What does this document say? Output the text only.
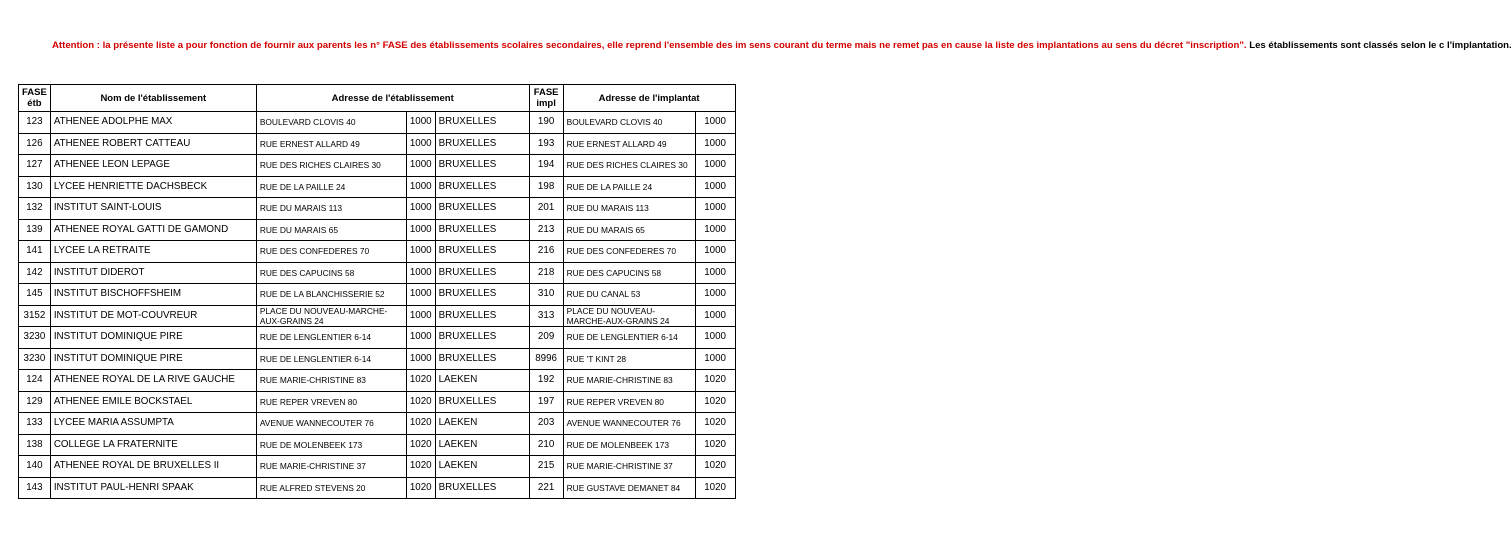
Attention : la présente liste a pour fonction de fournir aux parents les n° FASE des établissements scolaires secondaires, elle reprend l'ensemble des im sens courant du terme mais ne remet pas en cause la liste des implantations au sens du décret "inscription". Les établissements sont classés selon le c l'implantation.
FASE étb	Nom de l'établissement	Adresse de l'établissement			FASE impl	Adresse de l'implantat	
123	ATHENEE ADOLPHE MAX	BOULEVARD CLOVIS 40	1000	BRUXELLES	190	BOULEVARD CLOVIS 40	1000
126	ATHENEE ROBERT CATTEAU	RUE ERNEST ALLARD 49	1000	BRUXELLES	193	RUE ERNEST ALLARD 49	1000
127	ATHENEE LEON LEPAGE	RUE DES RICHES CLAIRES 30	1000	BRUXELLES	194	RUE DES RICHES CLAIRES 30	1000
130	LYCEE HENRIETTE DACHSBECK	RUE DE LA PAILLE 24	1000	BRUXELLES	198	RUE DE LA PAILLE 24	1000
132	INSTITUT SAINT-LOUIS	RUE DU MARAIS 113	1000	BRUXELLES	201	RUE DU MARAIS 113	1000
139	ATHENEE ROYAL GATTI DE GAMOND	RUE DU MARAIS 65	1000	BRUXELLES	213	RUE DU MARAIS 65	1000
141	LYCEE LA RETRAITE	RUE DES CONFEDERES 70	1000	BRUXELLES	216	RUE DES CONFEDERES 70	1000
142	INSTITUT DIDEROT	RUE DES CAPUCINS 58	1000	BRUXELLES	218	RUE DES CAPUCINS 58	1000
145	INSTITUT BISCHOFFSHEIM	RUE DE LA BLANCHISSERIE 52	1000	BRUXELLES	310	RUE DU CANAL 53	1000
3152	INSTITUT DE MOT-COUVREUR	PLACE DU NOUVEAU-MARCHE-AUX-GRAINS 24	1000	BRUXELLES	313	PLACE DU NOUVEAU-MARCHE-AUX-GRAINS 24	1000
3230	INSTITUT DOMINIQUE PIRE	RUE DE LENGLENTIER 6-14	1000	BRUXELLES	209	RUE DE LENGLENTIER 6-14	1000
3230	INSTITUT DOMINIQUE PIRE	RUE DE LENGLENTIER 6-14	1000	BRUXELLES	8996	RUE 'T KINT 28	1000
124	ATHENEE ROYAL DE LA RIVE GAUCHE	RUE MARIE-CHRISTINE 83	1020	LAEKEN	192	RUE MARIE-CHRISTINE 83	1020
129	ATHENEE EMILE BOCKSTAEL	RUE REPER VREVEN 80	1020	BRUXELLES	197	RUE REPER VREVEN 80	1020
133	LYCEE MARIA ASSUMPTA	AVENUE WANNECOUTER 76	1020	LAEKEN	203	AVENUE WANNECOUTER 76	1020
138	COLLEGE LA FRATERNITE	RUE DE MOLENBEEK 173	1020	LAEKEN	210	RUE DE MOLENBEEK 173	1020
140	ATHENEE ROYAL DE BRUXELLES II	RUE MARIE-CHRISTINE 37	1020	LAEKEN	215	RUE MARIE-CHRISTINE 37	1020
143	INSTITUT PAUL-HENRI SPAAK	RUE ALFRED STEVENS 20	1020	BRUXELLES	221	RUE GUSTAVE DEMANET 84	1020
